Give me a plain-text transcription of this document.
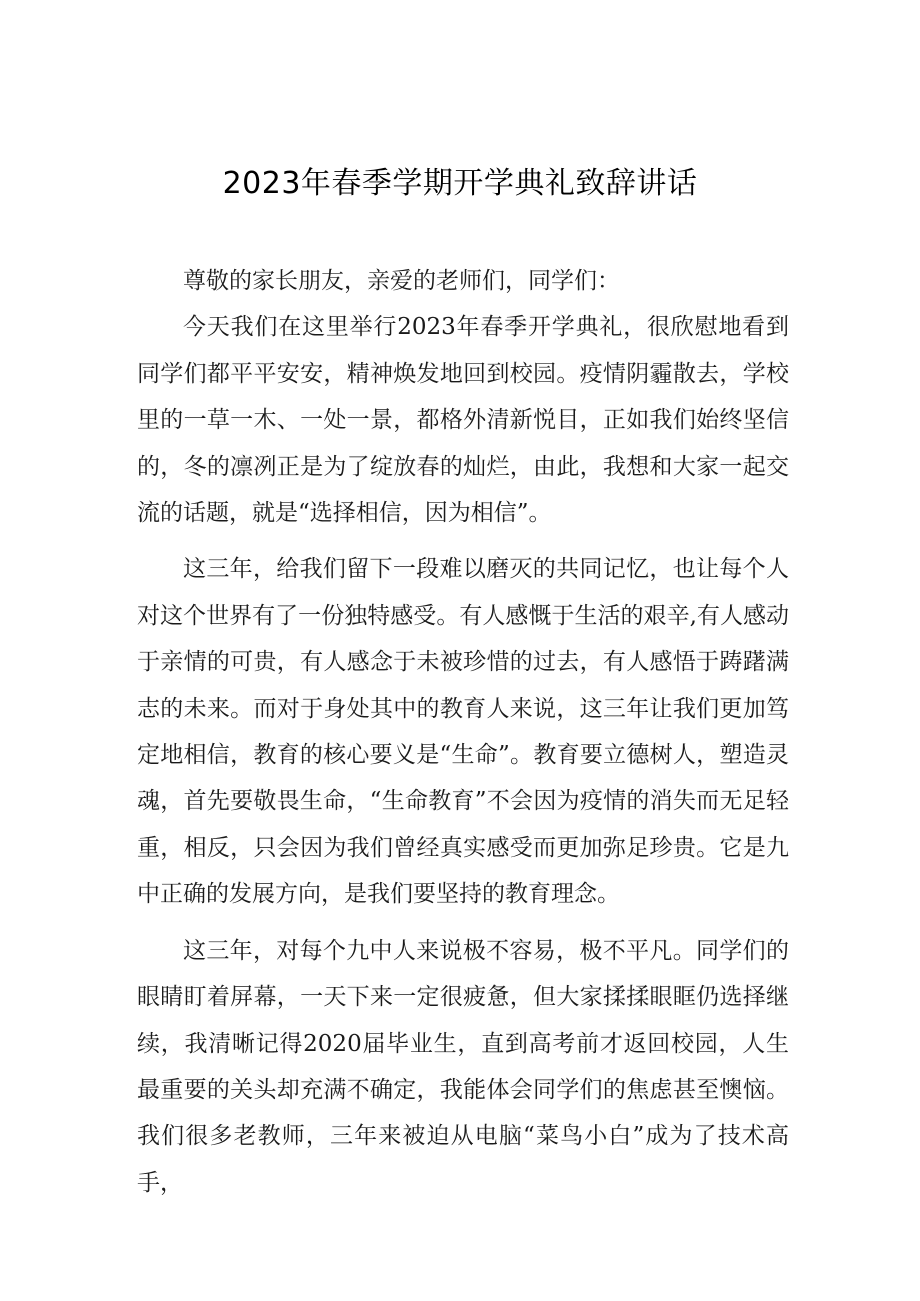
2023年春季学期开学典礼致辞讲话

尊敬的家长朋友，亲爱的老师们，同学们：

今天我们在这里举行2023年春季开学典礼，很欣慰地看到同学们都平平安安，精神焕发地回到校园。疫情阴霾散去，学校里的一草一木、一处一景，都格外清新悦目，正如我们始终坚信的，冬的凛冽正是为了绽放春的灿烂，由此，我想和大家一起交流的话题，就是“选择相信，因为相信”。

这三年，给我们留下一段难以磨灭的共同记忆，也让每个人对这个世界有了一份独特感受。有人感慨于生活的艰辛,有人感动于亲情的可贵，有人感念于未被珍惜的过去，有人感悟于踌躇满志的未来。而对于身处其中的教育人来说，这三年让我们更加笃定地相信，教育的核心要义是“生命”。教育要立德树人，塑造灵魂，首先要敬畏生命，“生命教育”不会因为疫情的消失而无足轻重，相反，只会因为我们曾经真实感受而更加弥足珍贵。它是九中正确的发展方向，是我们要坚持的教育理念。

这三年，对每个九中人来说极不容易，极不平凡。同学们的眼睛盯着屏幕，一天下来一定很疲惫，但大家揉揉眼眶仍选择继续，我清晰记得2020届毕业生，直到高考前才返回校园，人生最重要的关头却充满不确定，我能体会同学们的焦虑甚至懊恼。我们很多老教师，三年来被迫从电脑“菜鸟小白”成为了技术高手，
